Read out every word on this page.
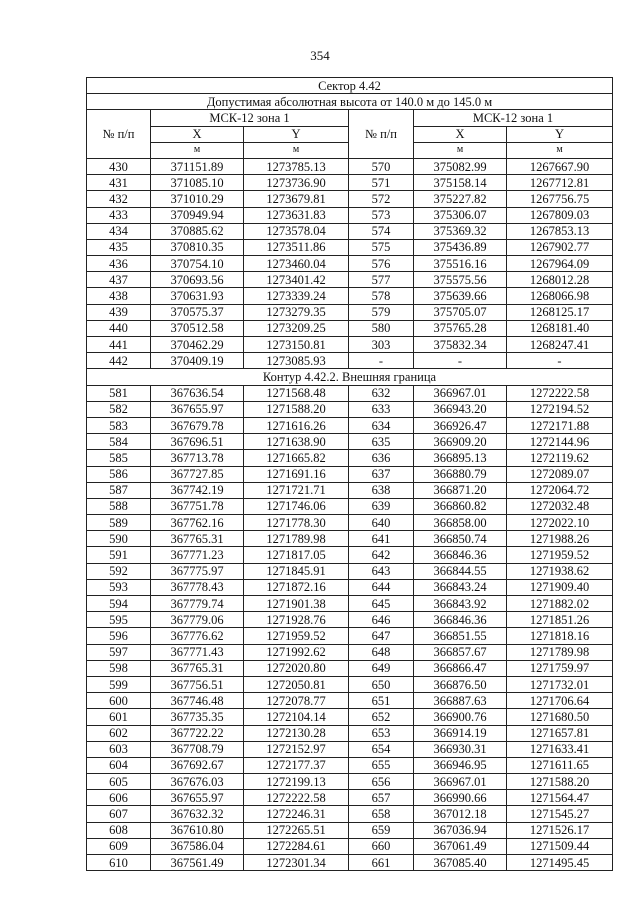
354
Сектор 4.42					
Допустимая абсолютная высота от 140.0 м до 145.0 м					
№ п/п	МСК-12 зона 1		№ п/п	МСК-12 зона 1	
	X	Y		X	Y
	м	м		м	м
430	371151.89	1273785.13	570	375082.99	1267667.90
431	371085.10	1273736.90	571	375158.14	1267712.81
432	371010.29	1273679.81	572	375227.82	1267756.75
433	370949.94	1273631.83	573	375306.07	1267809.03
434	370885.62	1273578.04	574	375369.32	1267853.13
435	370810.35	1273511.86	575	375436.89	1267902.77
436	370754.10	1273460.04	576	375516.16	1267964.09
437	370693.56	1273401.42	577	375575.56	1268012.28
438	370631.93	1273339.24	578	375639.66	1268066.98
439	370575.37	1273279.35	579	375705.07	1268125.17
440	370512.58	1273209.25	580	375765.28	1268181.40
441	370462.29	1273150.81	303	375832.34	1268247.41
442	370409.19	1273085.93	-	-	-
Контур 4.42.2. Внешняя граница					
581	367636.54	1271568.48	632	366967.01	1272222.58
582	367655.97	1271588.20	633	366943.20	1272194.52
583	367679.78	1271616.26	634	366926.47	1272171.88
584	367696.51	1271638.90	635	366909.20	1272144.96
585	367713.78	1271665.82	636	366895.13	1272119.62
586	367727.85	1271691.16	637	366880.79	1272089.07
587	367742.19	1271721.71	638	366871.20	1272064.72
588	367751.78	1271746.06	639	366860.82	1272032.48
589	367762.16	1271778.30	640	366858.00	1272022.10
590	367765.31	1271789.98	641	366850.74	1271988.26
591	367771.23	1271817.05	642	366846.36	1271959.52
592	367775.97	1271845.91	643	366844.55	1271938.62
593	367778.43	1271872.16	644	366843.24	1271909.40
594	367779.74	1271901.38	645	366843.92	1271882.02
595	367779.06	1271928.76	646	366846.36	1271851.26
596	367776.62	1271959.52	647	366851.55	1271818.16
597	367771.43	1271992.62	648	366857.67	1271789.98
598	367765.31	1272020.80	649	366866.47	1271759.97
599	367756.51	1272050.81	650	366876.50	1271732.01
600	367746.48	1272078.77	651	366887.63	1271706.64
601	367735.35	1272104.14	652	366900.76	1271680.50
602	367722.22	1272130.28	653	366914.19	1271657.81
603	367708.79	1272152.97	654	366930.31	1271633.41
604	367692.67	1272177.37	655	366946.95	1271611.65
605	367676.03	1272199.13	656	366967.01	1271588.20
606	367655.97	1272222.58	657	366990.66	1271564.47
607	367632.32	1272246.31	658	367012.18	1271545.27
608	367610.80	1272265.51	659	367036.94	1271526.17
609	367586.04	1272284.61	660	367061.49	1271509.44
610	367561.49	1272301.34	661	367085.40	1271495.45
